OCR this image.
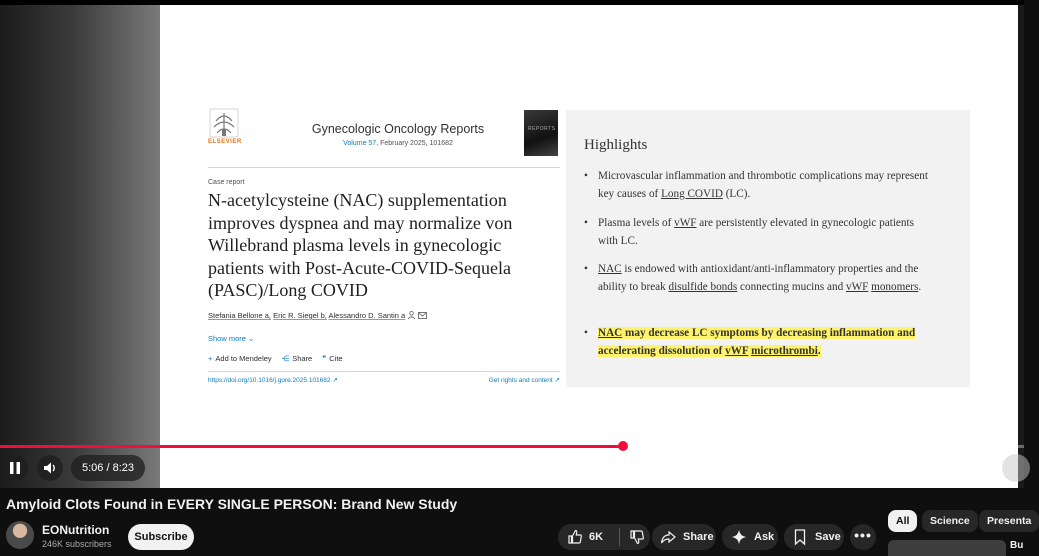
ELSEVIER
Gynecologic Oncology Reports
Volume 57, February 2025, 101682
REPORTS
Case report
N-acetylcysteine (NAC) supplementation improves dyspnea and may normalize von Willebrand plasma levels in gynecologic patients with Post-Acute-COVID-Sequela (PASC)/Long COVID
Stefania Bellone a, Eric R. Siegel b, Alessandro D. Santin a
Show more ⌄
+ Add to Mendeley ⋲ Share ❞ Cite
https://doi.org/10.1016/j.gore.2025.101682 ↗	Get rights and content ↗
Highlights
• Microvascular inflammation and thrombotic complications may represent key causes of Long COVID (LC).
• Plasma levels of vWF are persistently elevated in gynecologic patients with LC.
• NAC is endowed with antioxidant/anti-inflammatory properties and the ability to break disulfide bonds connecting mucins and vWF monomers.
• NAC may decrease LC symptoms by decreasing inflammation and accelerating dissolution of vWF microthrombi.
5:06 / 8:23
Amyloid Clots Found in EVERY SINGLE PERSON: Brand New Study
EONutrition
246K subscribers
Subscribe	6K	Share	Ask	Save •••
All	Science	Presenta
Bu
